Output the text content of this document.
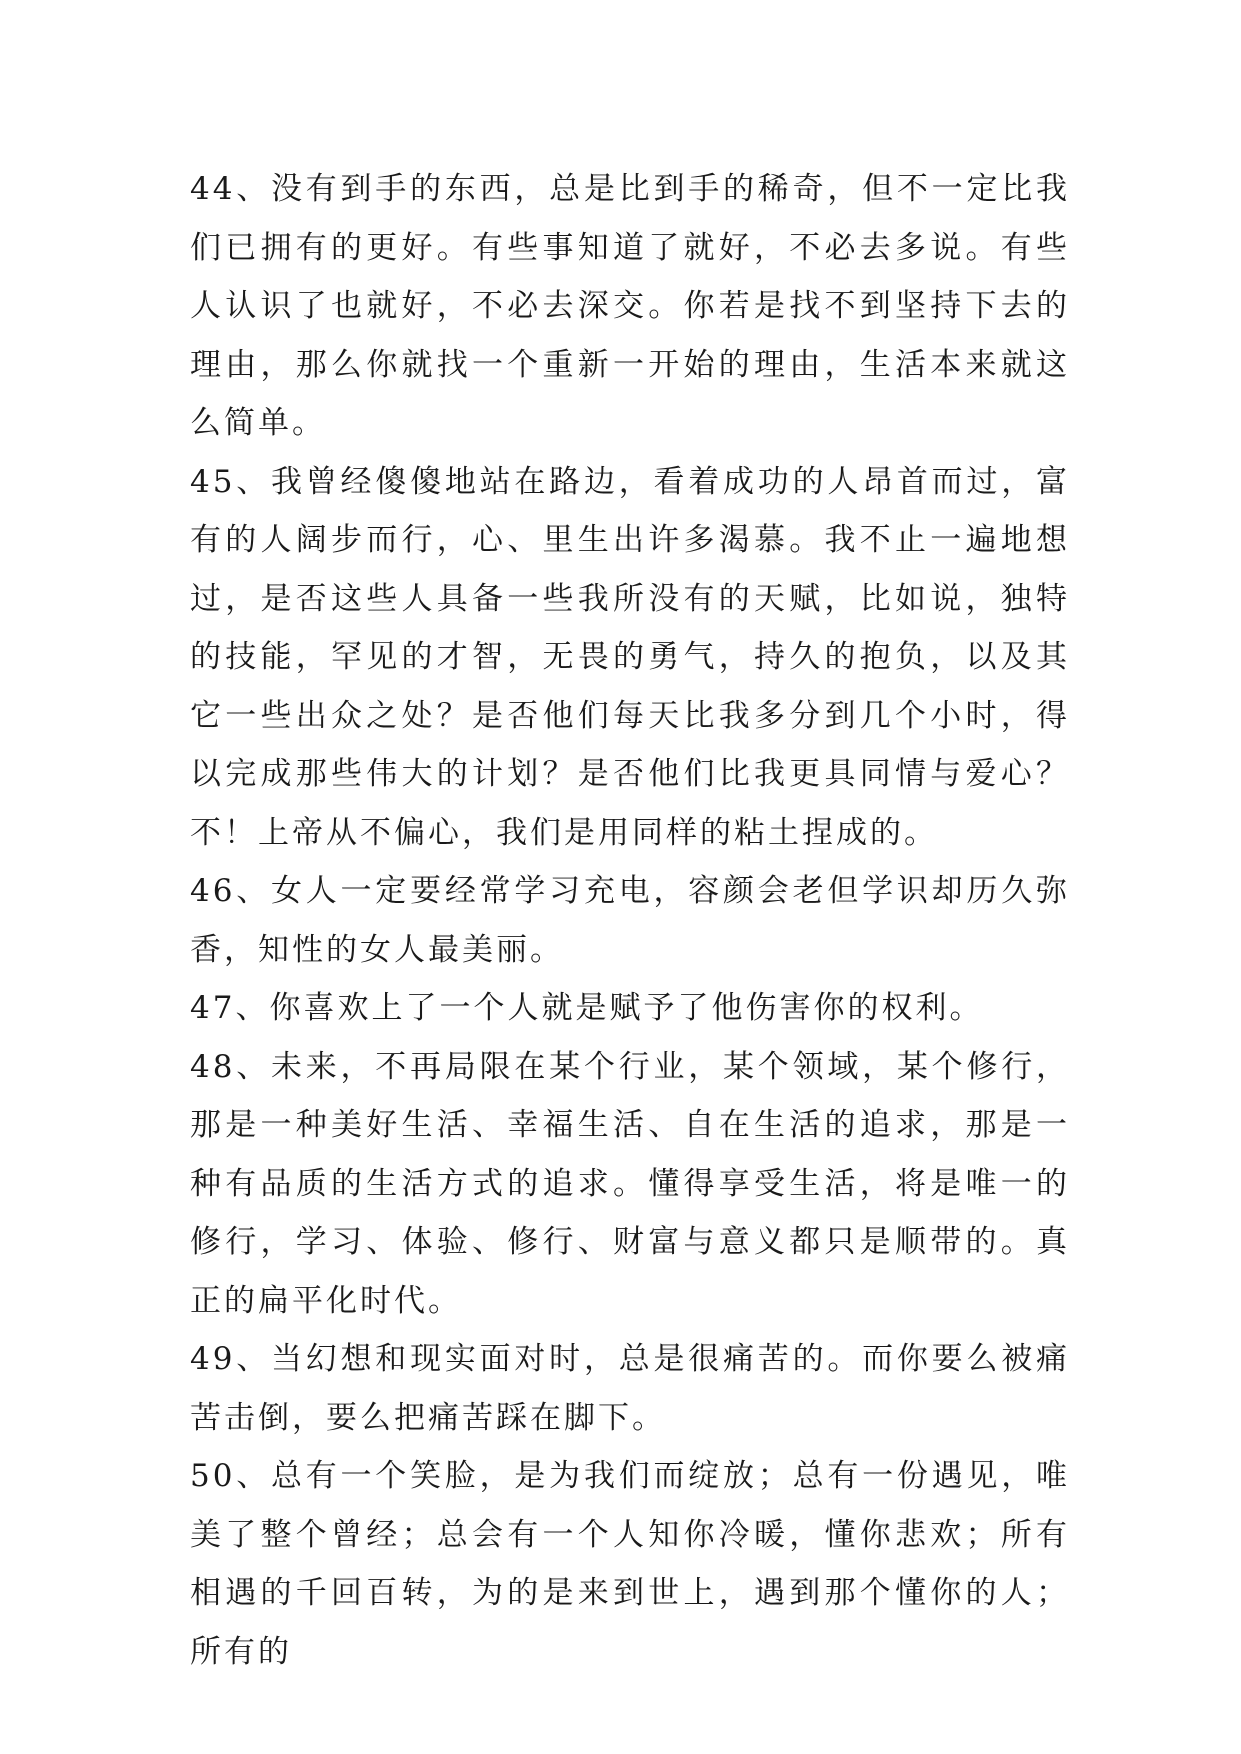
44、没有到手的东西，总是比到手的稀奇，但不一定比我们已拥有的更好。有些事知道了就好，不必去多说。有些人认识了也就好，不必去深交。你若是找不到坚持下去的理由，那么你就找一个重新一开始的理由，生活本来就这么简单。

45、我曾经傻傻地站在路边，看着成功的人昂首而过，富有的人阔步而行，心、里生出许多渴慕。我不止一遍地想过，是否这些人具备一些我所没有的天赋，比如说，独特的技能，罕见的才智，无畏的勇气，持久的抱负，以及其它一些出众之处？是否他们每天比我多分到几个小时，得以完成那些伟大的计划？是否他们比我更具同情与爱心？不！上帝从不偏心，我们是用同样的粘土捏成的。

46、女人一定要经常学习充电，容颜会老但学识却历久弥香，知性的女人最美丽。

47、你喜欢上了一个人就是赋予了他伤害你的权利。

48、未来，不再局限在某个行业，某个领域，某个修行，那是一种美好生活、幸福生活、自在生活的追求，那是一种有品质的生活方式的追求。懂得享受生活，将是唯一的修行，学习、体验、修行、财富与意义都只是顺带的。真正的扁平化时代。

49、当幻想和现实面对时，总是很痛苦的。而你要么被痛苦击倒，要么把痛苦踩在脚下。

50、总有一个笑脸，是为我们而绽放；总有一份遇见，唯美了整个曾经；总会有一个人知你冷暖，懂你悲欢；所有相遇的千回百转，为的是来到世上，遇到那个懂你的人；所有的
